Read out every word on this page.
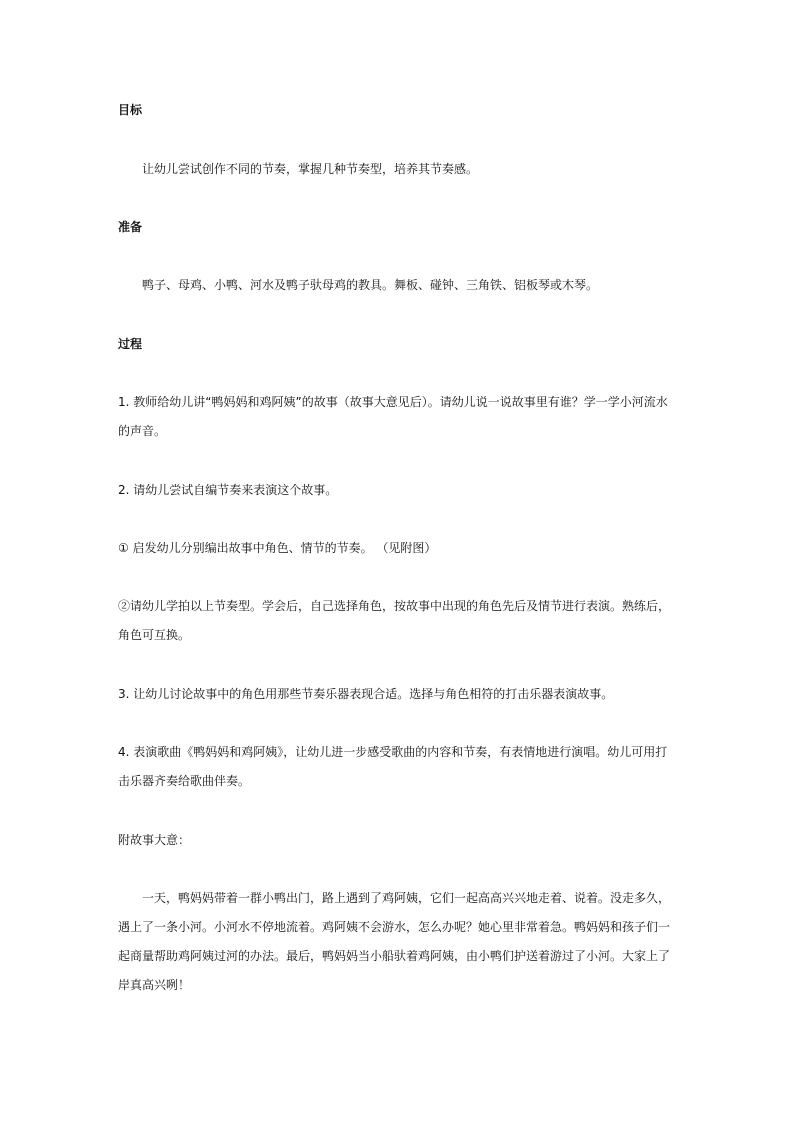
目标
让幼儿尝试创作不同的节奏，掌握几种节奏型，培养其节奏感。
准备
鸭子、母鸡、小鸭、河水及鸭子驮母鸡的教具。舞板、碰钟、三角铁、铝板琴或木琴。
过程
1. 教师给幼儿讲“鸭妈妈和鸡阿姨”的故事（故事大意见后）。请幼儿说一说故事里有谁？学一学小河流水
的声音。
2. 请幼儿尝试自编节奏来表演这个故事。
① 启发幼儿分别编出故事中角色、情节的节奏。 （见附图）
②请幼儿学拍以上节奏型。学会后，自己选择角色，按故事中出现的角色先后及情节进行表演。熟练后，
角色可互换。
3. 让幼儿讨论故事中的角色用那些节奏乐器表现合适。选择与角色相符的打击乐器表演故事。
4. 表演歌曲《鸭妈妈和鸡阿姨》，让幼儿进一步感受歌曲的内容和节奏，有表情地进行演唱。幼儿可用打
击乐器齐奏给歌曲伴奏。
附故事大意：
一天，鸭妈妈带着一群小鸭出门，路上遇到了鸡阿姨，它们一起高高兴兴地走着、说着。没走多久，
遇上了一条小河。小河水不停地流着。鸡阿姨不会游水，怎么办呢？她心里非常着急。鸭妈妈和孩子们一
起商量帮助鸡阿姨过河的办法。最后，鸭妈妈当小船驮着鸡阿姨，由小鸭们护送着游过了小河。大家上了
岸真高兴咧！
